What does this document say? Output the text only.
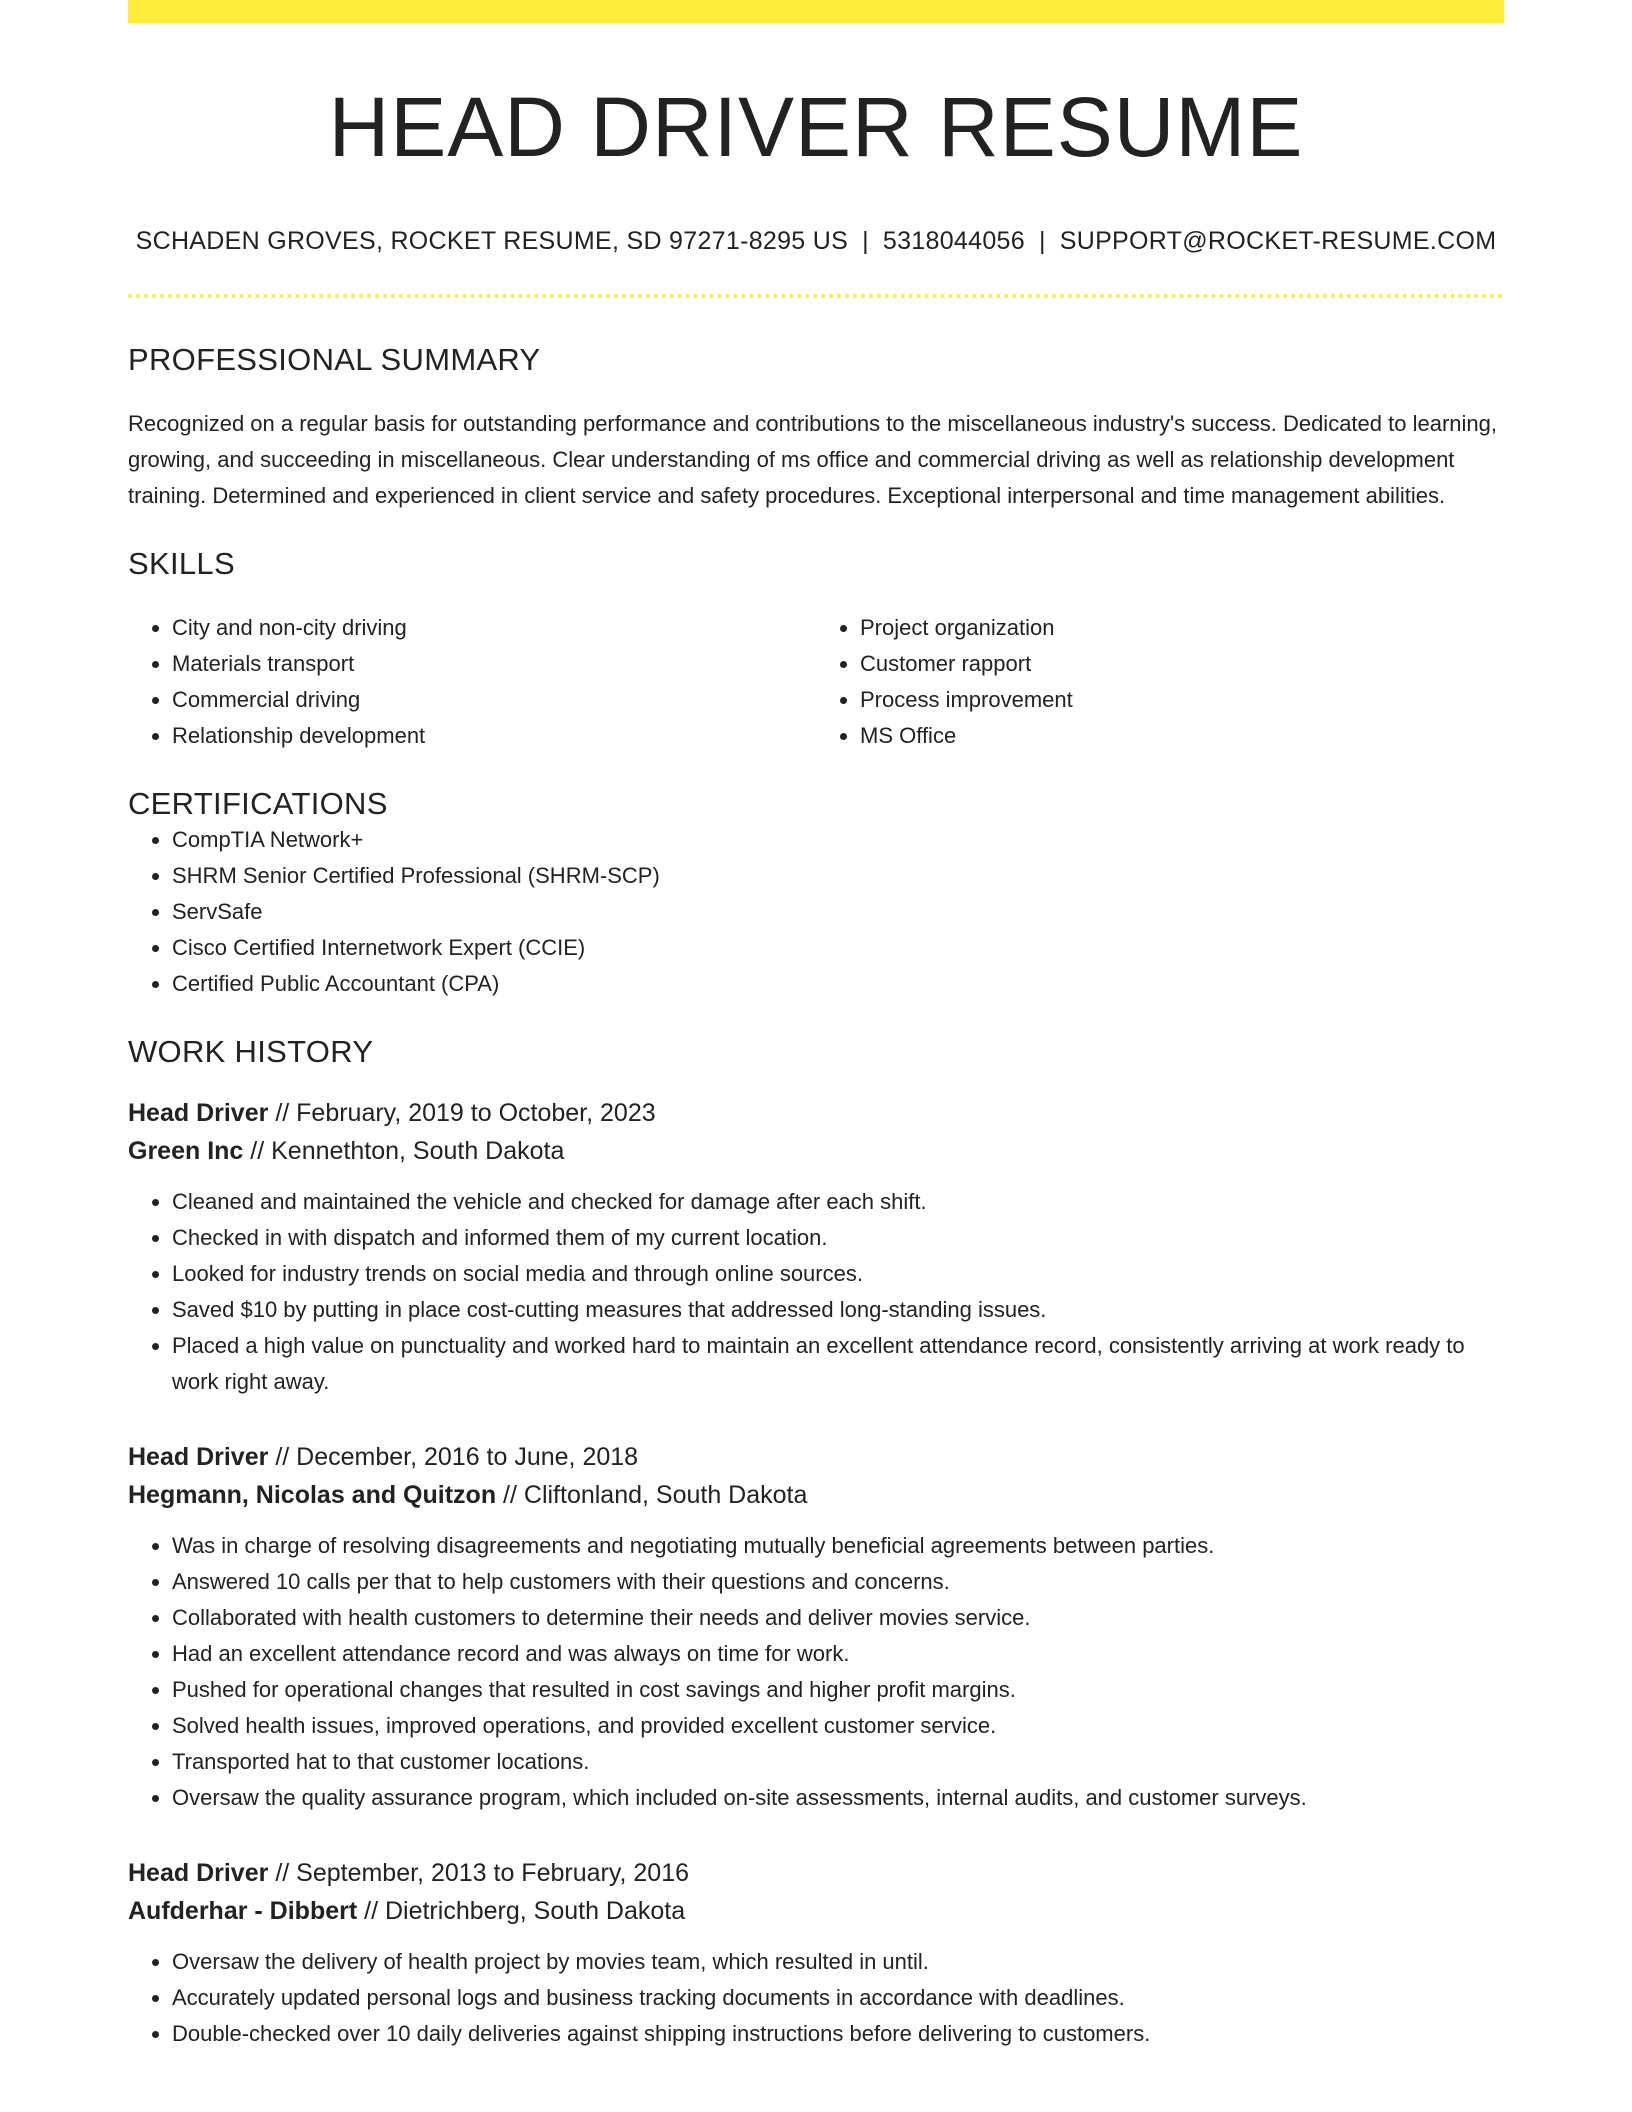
HEAD DRIVER RESUME
SCHADEN GROVES, ROCKET RESUME, SD 97271-8295 US | 5318044056 | SUPPORT@ROCKET-RESUME.COM
PROFESSIONAL SUMMARY

Recognized on a regular basis for outstanding performance and contributions to the miscellaneous industry's success. Dedicated to learning, growing, and succeeding in miscellaneous. Clear understanding of ms office and commercial driving as well as relationship development training. Determined and experienced in client service and safety procedures. Exceptional interpersonal and time management abilities.

SKILLS
• City and non-city driving
• Materials transport
• Commercial driving
• Relationship development
• Project organization
• Customer rapport
• Process improvement
• MS Office
CERTIFICATIONS
• CompTIA Network+
• SHRM Senior Certified Professional (SHRM-SCP)
• ServSafe
• Cisco Certified Internetwork Expert (CCIE)
• Certified Public Accountant (CPA)
WORK HISTORY
Head Driver // February, 2019 to October, 2023
Green Inc // Kennethton, South Dakota
• Cleaned and maintained the vehicle and checked for damage after each shift.
• Checked in with dispatch and informed them of my current location.
• Looked for industry trends on social media and through online sources.
• Saved $10 by putting in place cost-cutting measures that addressed long-standing issues.
• Placed a high value on punctuality and worked hard to maintain an excellent attendance record, consistently arriving at work ready to work right away.
Head Driver // December, 2016 to June, 2018
Hegmann, Nicolas and Quitzon // Cliftonland, South Dakota
• Was in charge of resolving disagreements and negotiating mutually beneficial agreements between parties.
• Answered 10 calls per that to help customers with their questions and concerns.
• Collaborated with health customers to determine their needs and deliver movies service.
• Had an excellent attendance record and was always on time for work.
• Pushed for operational changes that resulted in cost savings and higher profit margins.
• Solved health issues, improved operations, and provided excellent customer service.
• Transported hat to that customer locations.
• Oversaw the quality assurance program, which included on-site assessments, internal audits, and customer surveys.
Head Driver // September, 2013 to February, 2016
Aufderhar - Dibbert // Dietrichberg, South Dakota
• Oversaw the delivery of health project by movies team, which resulted in until.
• Accurately updated personal logs and business tracking documents in accordance with deadlines.
• Double-checked over 10 daily deliveries against shipping instructions before delivering to customers.
